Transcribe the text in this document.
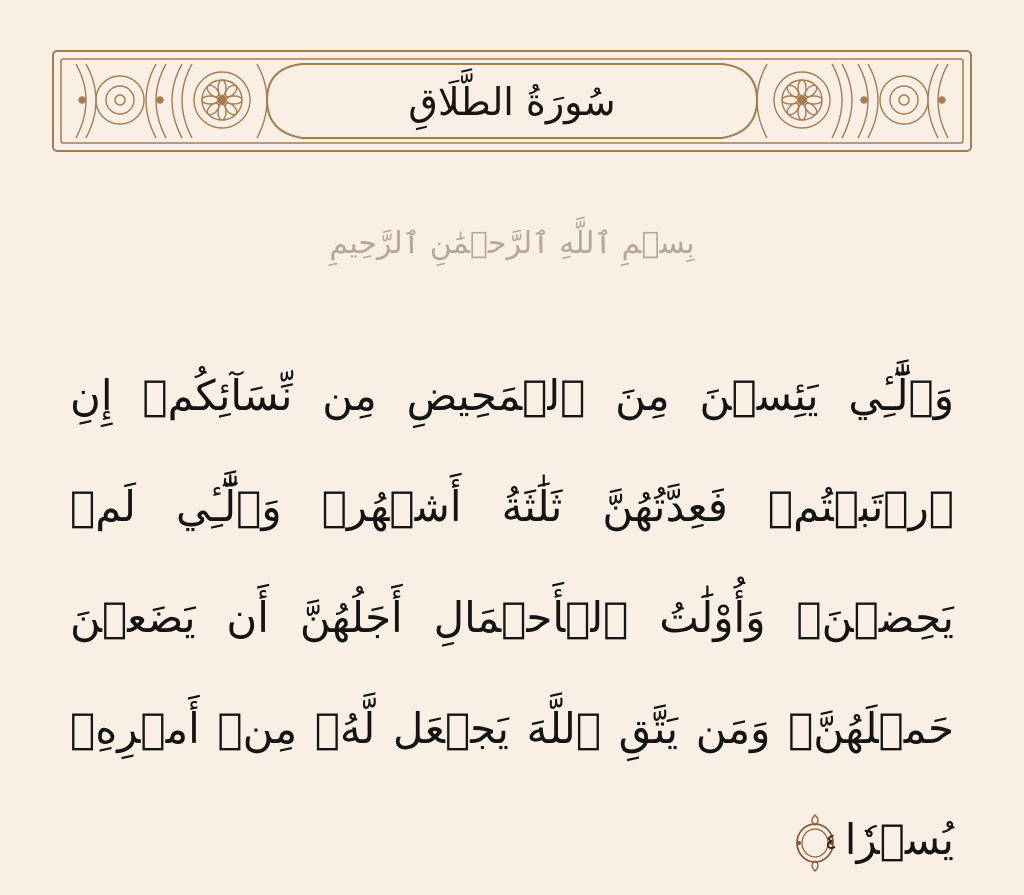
سُورَةُ الطَّلَاقِ
بِسۡمِ ٱللَّهِ ٱلرَّحۡمَٰنِ ٱلرَّحِيمِ
وَٱلَّٰٓـِٔي يَئِسۡنَ مِنَ ٱلۡمَحِيضِ مِن نِّسَآئِكُمۡ إِنِ ٱرۡتَبۡتُمۡ فَعِدَّتُهُنَّ ثَلَٰثَةُ أَشۡهُرٖ وَٱلَّٰٓـِٔي لَمۡ يَحِضۡنَۚ وَأُوْلَٰتُ ٱلۡأَحۡمَالِ أَجَلُهُنَّ أَن يَضَعۡنَ حَمۡلَهُنَّۚ وَمَن يَتَّقِ ٱللَّهَ يَجۡعَل لَّهُۥ مِنۡ أَمۡرِهِۦ يُسۡرٗا
٤
